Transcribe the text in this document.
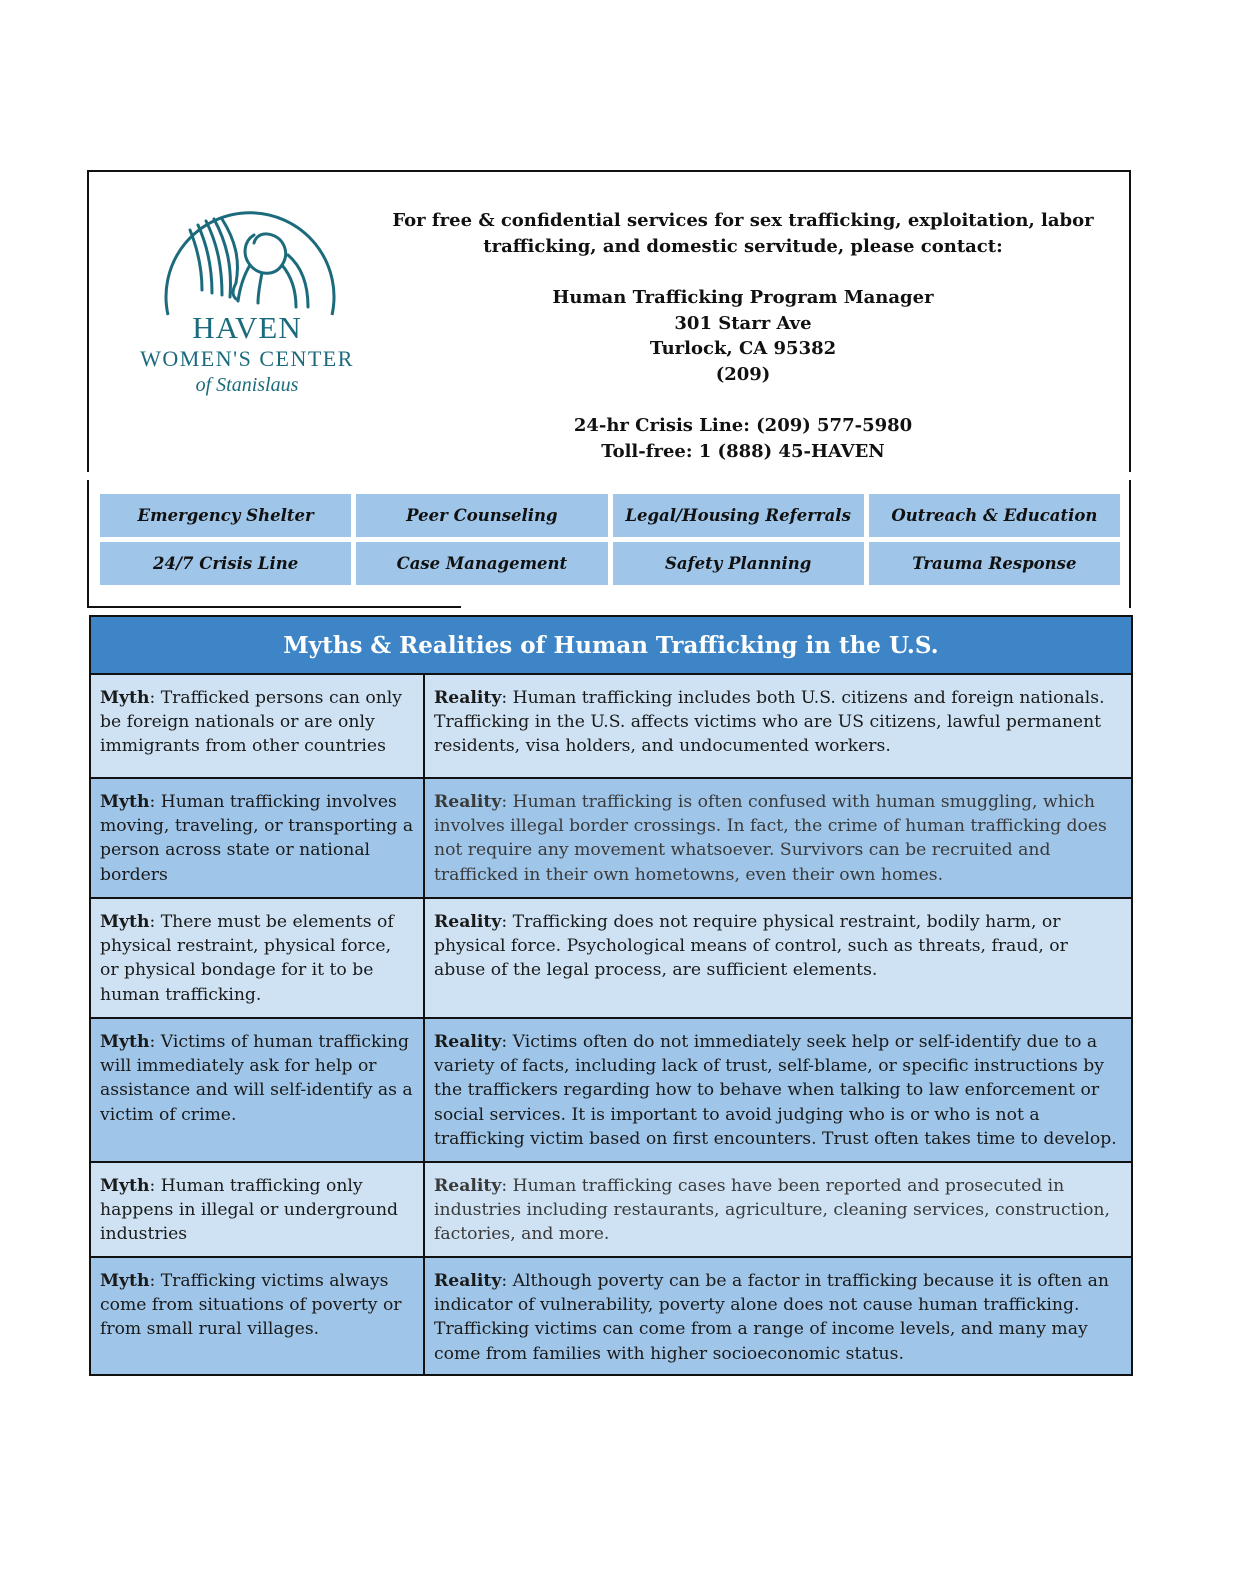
HAVEN
WOMEN'S CENTER
of Stanislaus

For free & confidential services for sex trafficking, exploitation, labor

trafficking, and domestic servitude, please contact:

Human Trafficking Program Manager

301 Starr Ave

Turlock, CA 95382

(209)

24-hr Crisis Line: (209) 577-5980

Toll-free: 1 (888) 45-HAVEN

Emergency Shelter	Peer Counseling	Legal/Housing Referrals	Outreach & Education
24/7 Crisis Line	Case Management	Safety Planning	Trauma Response
Myths & Realities of Human Trafficking in the U.S.
Myth: Trafficked persons can only be foreign nationals or are only immigrants from other countries
Reality: Human trafficking includes both U.S. citizens and foreign nationals. Trafficking in the U.S. affects victims who are US citizens, lawful permanent residents, visa holders, and undocumented workers.
Myth: Human trafficking involves moving, traveling, or transporting a person across state or national borders
Reality: Human trafficking is often confused with human smuggling, which involves illegal border crossings. In fact, the crime of human trafficking does not require any movement whatsoever. Survivors can be recruited and trafficked in their own hometowns, even their own homes.
Myth: There must be elements of physical restraint, physical force, or physical bondage for it to be human trafficking.
Reality: Trafficking does not require physical restraint, bodily harm, or physical force. Psychological means of control, such as threats, fraud, or abuse of the legal process, are sufficient elements.
Myth: Victims of human trafficking will immediately ask for help or assistance and will self-identify as a victim of crime.
Reality: Victims often do not immediately seek help or self-identify due to a variety of facts, including lack of trust, self-blame, or specific instructions by the traffickers regarding how to behave when talking to law enforcement or social services. It is important to avoid judging who is or who is not a trafficking victim based on first encounters. Trust often takes time to develop.
Myth: Human trafficking only happens in illegal or underground industries
Reality: Human trafficking cases have been reported and prosecuted in industries including restaurants, agriculture, cleaning services, construction, factories, and more.
Myth: Trafficking victims always come from situations of poverty or from small rural villages.
Reality: Although poverty can be a factor in trafficking because it is often an indicator of vulnerability, poverty alone does not cause human trafficking. Trafficking victims can come from a range of income levels, and many may come from families with higher socioeconomic status.
